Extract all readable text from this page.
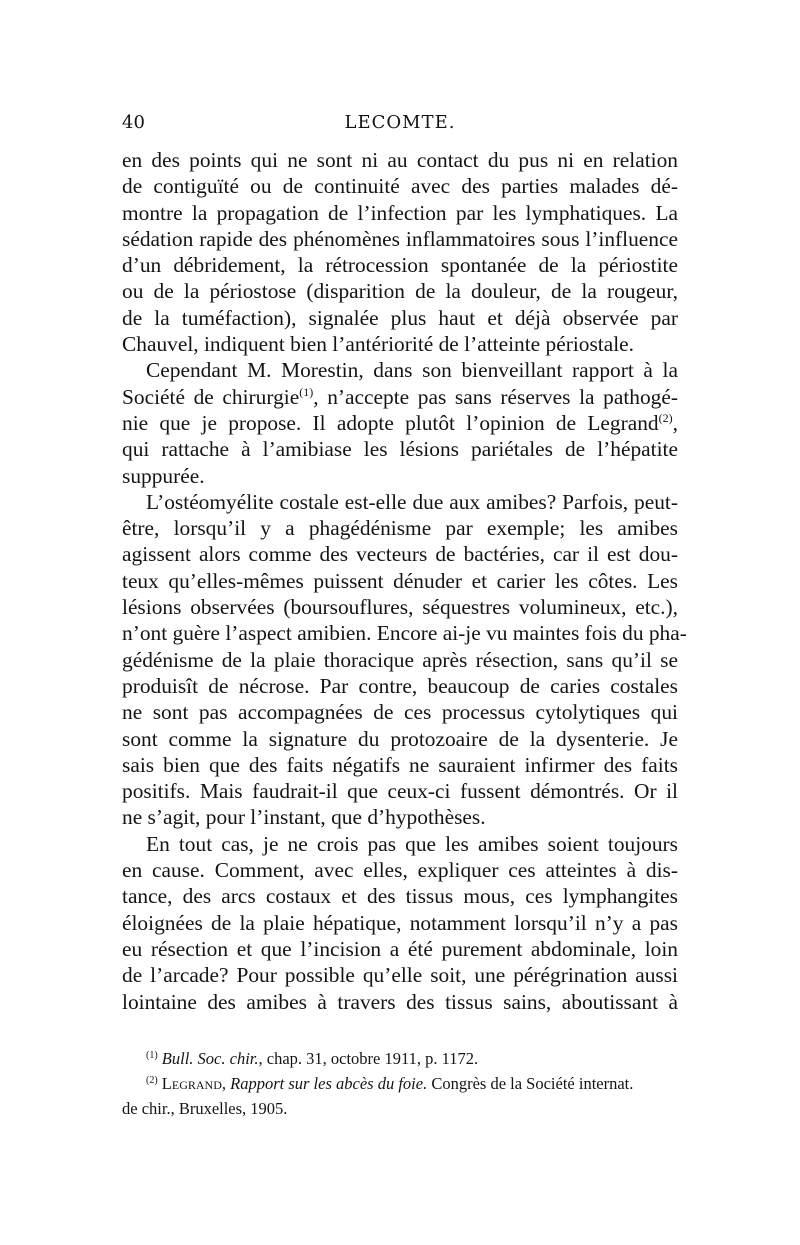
40	LECOMTE.
en des points qui ne sont ni au contact du pus ni en relation
de contiguïté ou de continuité avec des parties malades dé-
montre la propagation de l’infection par les lymphatiques. La
sédation rapide des phénomènes inflammatoires sous l’influence
d’un débridement, la rétrocession spontanée de la périostite
ou de la périostose (disparition de la douleur, de la rougeur,
de la tuméfaction), signalée plus haut et déjà observée par
Chauvel, indiquent bien l’antériorité de l’atteinte périostale.
Cependant M. Morestin, dans son bienveillant rapport à la
Société de chirurgie$^{(1)}$, n’accepte pas sans réserves la pathogé-
nie que je propose. Il adopte plutôt l’opinion de Legrand$^{(2)}$,
qui rattache à l’amibiase les lésions pariétales de l’hépatite
suppurée.
L’ostéomyélite costale est-elle due aux amibes? Parfois, peut-
être, lorsqu’il y a phagédénisme par exemple; les amibes
agissent alors comme des vecteurs de bactéries, car il est dou-
teux qu’elles-mêmes puissent dénuder et carier les côtes. Les
lésions observées (boursouflures, séquestres volumineux, etc.),
n’ont guère l’aspect amibien. Encore ai-je vu maintes fois du pha-
gédénisme de la plaie thoracique après résection, sans qu’il se
produisît de nécrose. Par contre, beaucoup de caries costales
ne sont pas accompagnées de ces processus cytolytiques qui
sont comme la signature du protozoaire de la dysenterie. Je
sais bien que des faits négatifs ne sauraient infirmer des faits
positifs. Mais faudrait-il que ceux-ci fussent démontrés. Or il
ne s’agit, pour l’instant, que d’hypothèses.
En tout cas, je ne crois pas que les amibes soient toujours
en cause. Comment, avec elles, expliquer ces atteintes à dis-
tance, des arcs costaux et des tissus mous, ces lymphangites
éloignées de la plaie hépatique, notamment lorsqu’il n’y a pas
eu résection et que l’incision a été purement abdominale, loin
de l’arcade? Pour possible qu’elle soit, une pérégrination aussi
lointaine des amibes à travers des tissus sains, aboutissant à
$^{(1)}$ Bull. Soc. chir., chap. 31, octobre 1911, p. 1172.
$^{(2)}$ Legrand, Rapport sur les abcès du foie. Congrès de la Société internat.
de chir., Bruxelles, 1905.
